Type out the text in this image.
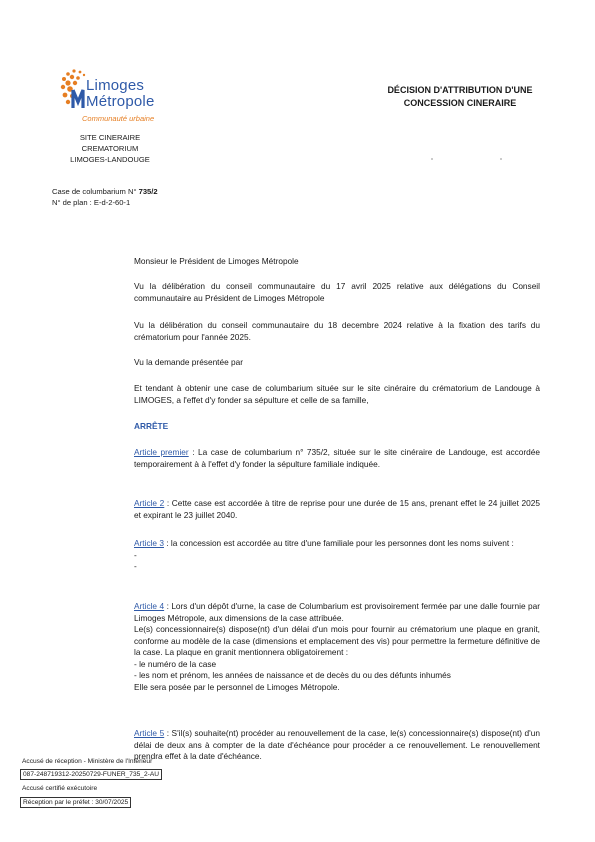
Limoges
Métropole
Communauté urbaine
SITE CINERAIRE
CREMATORIUM
LIMOGES-LANDOUGE
DÉCISION D'ATTRIBUTION D'UNE
CONCESSION CINERAIRE
Case de columbarium N° 735/2
N° de plan : E-d-2-60-1
Monsieur le Président de Limoges Métropole
Vu la délibération du conseil communautaire du 17 avril 2025 relative aux délégations du Conseil communautaire au Président de Limoges Métropole
Vu la délibération du conseil communautaire du 18 decembre 2024 relative à la fixation des tarifs du crématorium pour l'année 2025.
Vu la demande présentée par
Et tendant à obtenir une case de columbarium située sur le site cinéraire du crématorium de Landouge à LIMOGES, a l'effet d'y fonder sa sépulture et celle de sa famille,
ARRÊTE
Article premier : La case de columbarium n° 735/2, située sur le site cinéraire de Landouge, est accordée temporairement à à l'effet d'y fonder la sépulture familiale indiquée.
Article 2 : Cette case est accordée à titre de reprise pour une durée de 15 ans, prenant effet le 24 juillet 2025 et expirant le 23 juillet 2040.
Article 3 : la concession est accordée au titre d'une familiale pour les personnes dont les noms suivent :
-
-
Article 4 : Lors d'un dépôt d'urne, la case de Columbarium est provisoirement fermée par une dalle fournie par Limoges Métropole, aux dimensions de la case attribuée.
Le(s) concessionnaire(s) dispose(nt) d'un délai d'un mois pour fournir au crématorium une plaque en granit, conforme au modèle de la case (dimensions et emplacement des vis) pour permettre la fermeture définitive de la case. La plaque en granit mentionnera obligatoirement :
- le numéro de la case
- les nom et prénom, les années de naissance et de decès du ou des défunts inhumés
Elle sera posée par le personnel de Limoges Métropole.
Article 5 : S'il(s) souhaite(nt) procéder au renouvellement de la case, le(s) concessionnaire(s) dispose(nt) d'un délai de deux ans à compter de la date d'échéance pour procéder a ce renouvellement. Le renouvellement prendra effet à la date d'échéance.
Accusé de réception - Ministère de l'Intérieur
087-248719312-20250729-FUNER_735_2-AU
Accusé certifié exécutoire
Réception par le préfet : 30/07/2025
